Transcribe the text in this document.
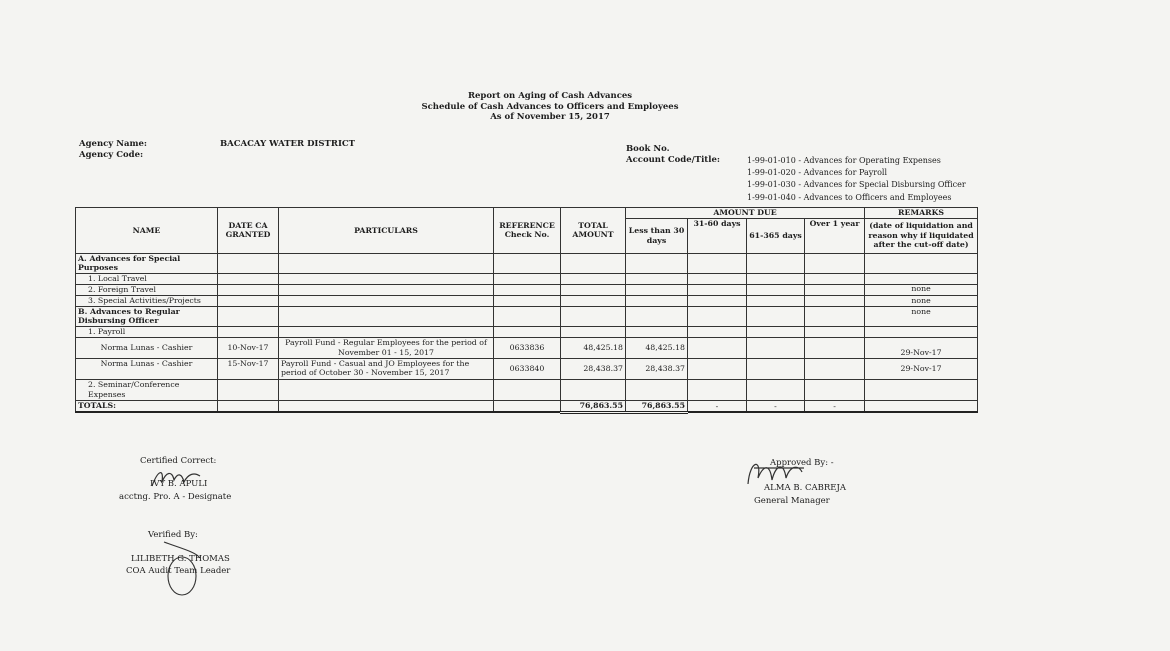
Report on Aging of Cash Advances
Schedule of Cash Advances to Officers and Employees
As of November 15, 2017
Agency Name:	BACACAY WATER DISTRICT
Agency Code:
Book No.
Account Code/Title:	1-99-01-010 - Advances for Operating Expenses
1-99-01-020 - Advances for Payroll
1-99-01-030 - Advances for Special Disbursing Officer
1-99-01-040 - Advances to Officers and Employees
NAME	DATE CA GRANTED	PARTICULARS	REFERENCE Check No.	TOTAL AMOUNT	AMOUNT DUE				REMARKS
					Less than 30 days	31-60 days	61-365 days	Over 1 year	(date of liquidation and reason why if liquidated after the cut-off date)

A. Advances for Special Purposes									
1. Local Travel									
2. Foreign Travel									none
3. Special Activities/Projects									none
B. Advances to Regular Disbursing Officer									none
1. Payroll									
Norma Lunas - Cashier	10-Nov-17	Payroll Fund - Regular Employees for the period of November 01 - 15, 2017	0633836	48,425.18	48,425.18				29-Nov-17
Norma Lunas - Cashier	15-Nov-17	Payroll Fund - Casual and JO Employees for the period of October 30 - November 15, 2017	0633840	28,438.37	28,438.37				29-Nov-17
2. Seminar/Conference Expenses									
TOTALS:				76,863.55	76,863.55	-	-	-	
Certified Correct:
IVY B. APULI
acctng. Pro. A - Designate
Verified By:
LILIBETH G. THOMAS
COA Audit Team Leader
Approved By: -
ALMA B. CABREJA
General Manager
